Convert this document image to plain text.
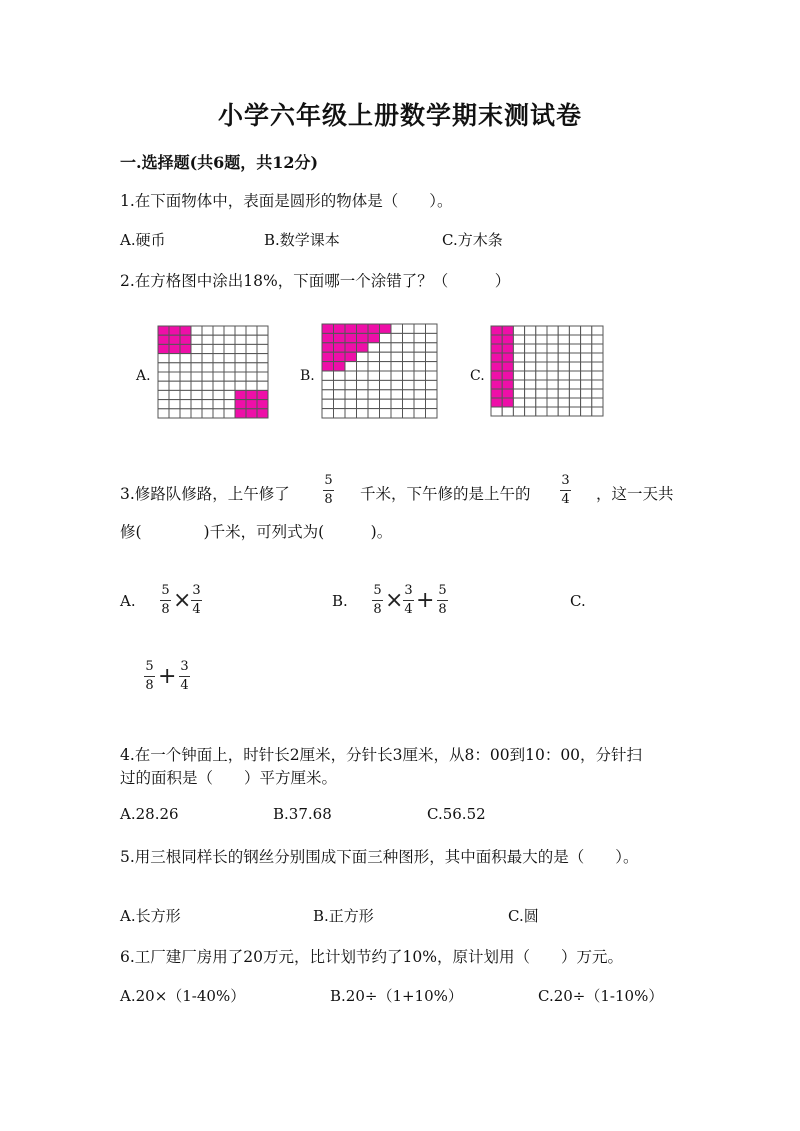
小学六年级上册数学期末测试卷
一.选择题(共6题，共12分)
1.在下面物体中，表面是圆形的物体是（　　）。
A.硬币	B.数学课本	C.方木条
2.在方格图中涂出18%，下面哪一个涂错了？（　　　）
A.	B.	C.
3.修路队修路，上午修了
5
8 千米，下午修的是上午的
3
4 ，这一天共
修(　　　　)千米，可列式为(　　　)。
A.
5
8 × 3
4	B.
5
8 × 3
4 + 5
8	C.
5
8 + 3
4
4.在一个钟面上，时针长2厘米，分针长3厘米，从8：00到10：00，分针扫
过的面积是（　　）平方厘米。
A.28.26	B.37.68	C.56.52
5.用三根同样长的钢丝分别围成下面三种图形，其中面积最大的是（　　）。
A.长方形	B.正方形	C.圆
6.工厂建厂房用了20万元，比计划节约了10%，原计划用（　　）万元。
A.20×（1-40%）	B.20÷（1+10%）	C.20÷（1-10%）
